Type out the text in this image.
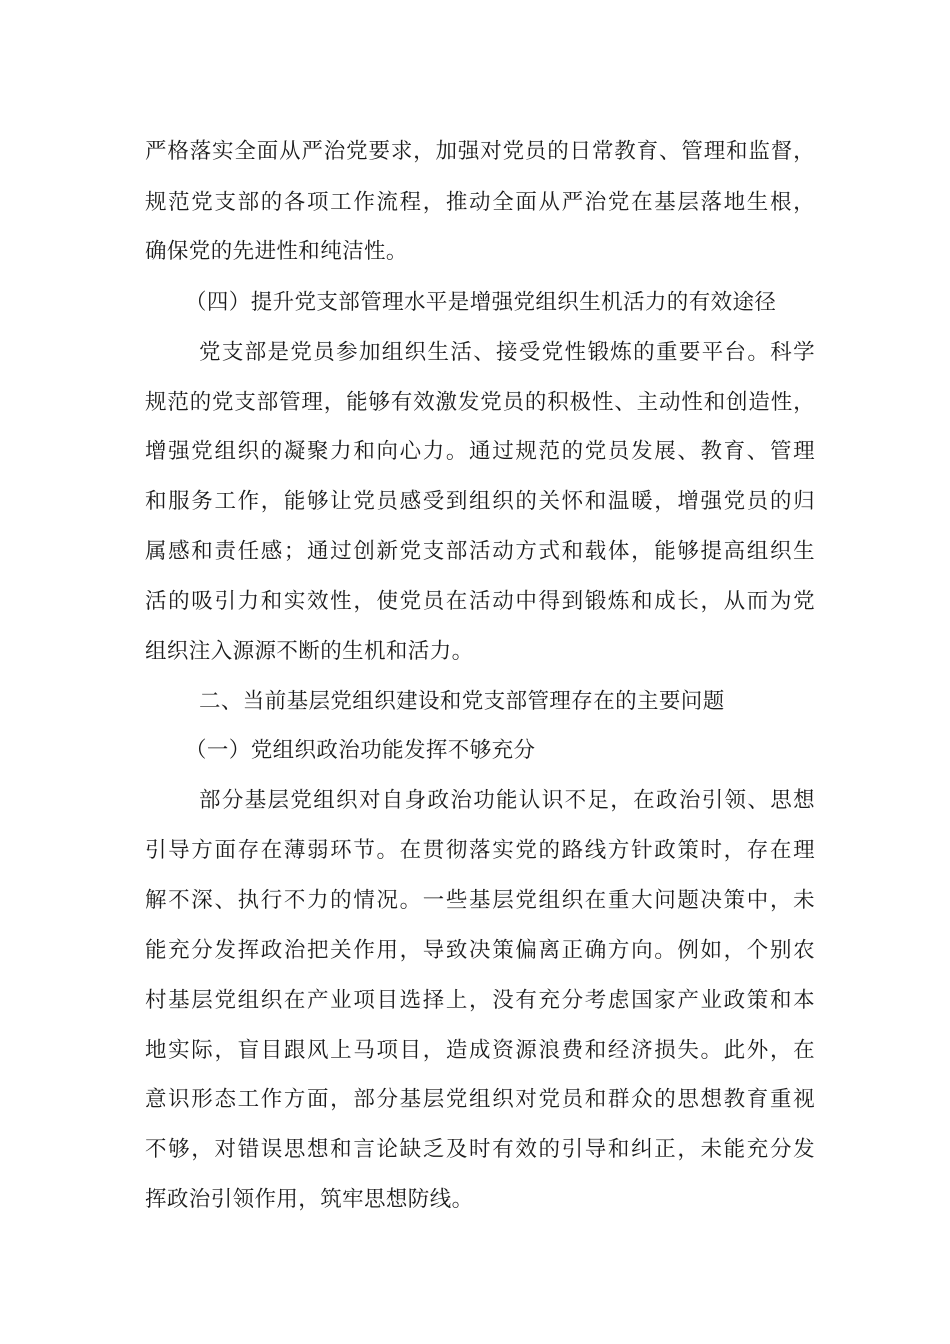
严格落实全面从严治党要求，加强对党员的日常教育、管理和监督，
规范党支部的各项工作流程，推动全面从严治党在基层落地生根，
确保党的先进性和纯洁性。
（四）提升党支部管理水平是增强党组织生机活力的有效途径
党支部是党员参加组织生活、接受党性锻炼的重要平台。科学
规范的党支部管理，能够有效激发党员的积极性、主动性和创造性，
增强党组织的凝聚力和向心力。通过规范的党员发展、教育、管理
和服务工作，能够让党员感受到组织的关怀和温暖，增强党员的归
属感和责任感；通过创新党支部活动方式和载体，能够提高组织生
活的吸引力和实效性，使党员在活动中得到锻炼和成长，从而为党
组织注入源源不断的生机和活力。
二、当前基层党组织建设和党支部管理存在的主要问题
（一）党组织政治功能发挥不够充分
部分基层党组织对自身政治功能认识不足，在政治引领、思想
引导方面存在薄弱环节。在贯彻落实党的路线方针政策时，存在理
解不深、执行不力的情况。一些基层党组织在重大问题决策中，未
能充分发挥政治把关作用，导致决策偏离正确方向。例如，个别农
村基层党组织在产业项目选择上，没有充分考虑国家产业政策和本
地实际，盲目跟风上马项目，造成资源浪费和经济损失。此外，在
意识形态工作方面，部分基层党组织对党员和群众的思想教育重视
不够，对错误思想和言论缺乏及时有效的引导和纠正，未能充分发
挥政治引领作用，筑牢思想防线。
